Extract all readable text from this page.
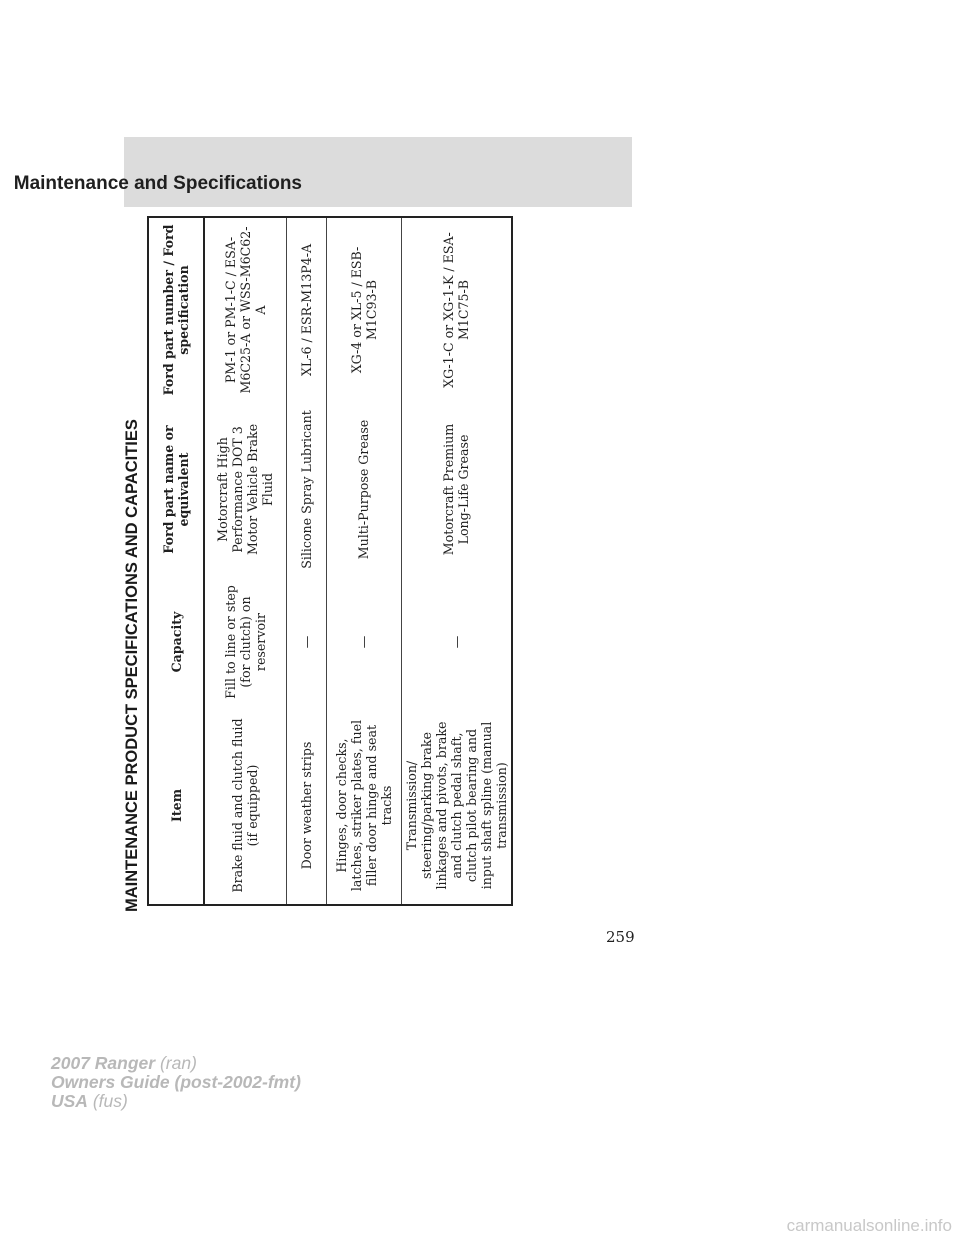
Maintenance and Specifications
MAINTENANCE PRODUCT SPECIFICATIONS AND CAPACITIES	Item	Capacity	Ford part name or equivalent	Ford part number / Ford specification
Brake fluid and clutch fluid (if equipped)	Fill to line or step (for clutch) on reservoir	Motorcraft High Performance DOT 3 Motor Vehicle Brake Fluid	PM-1 or PM-1-C / ESA-M6C25-A or WSS-M6C62-A
Door weather strips	—	Silicone Spray Lubricant	XL-6 / ESR-M13P4-A
Hinges, door checks, latches, striker plates, fuel filler door hinge and seat tracks	—	Multi-Purpose Grease	XG-4 or XL-5 / ESB-M1C93-B
Transmission/ steering/parking brake linkages and pivots, brake and clutch pedal shaft, clutch pilot bearing and input shaft spline (manual transmission)	—	Motorcraft Premium Long-Life Grease	XG-1-C or XG-1-K / ESA-M1C75-B
259
2007 Ranger (ran)
Owners Guide (post-2002-fmt)
USA (fus)
carmanualsonline.info
